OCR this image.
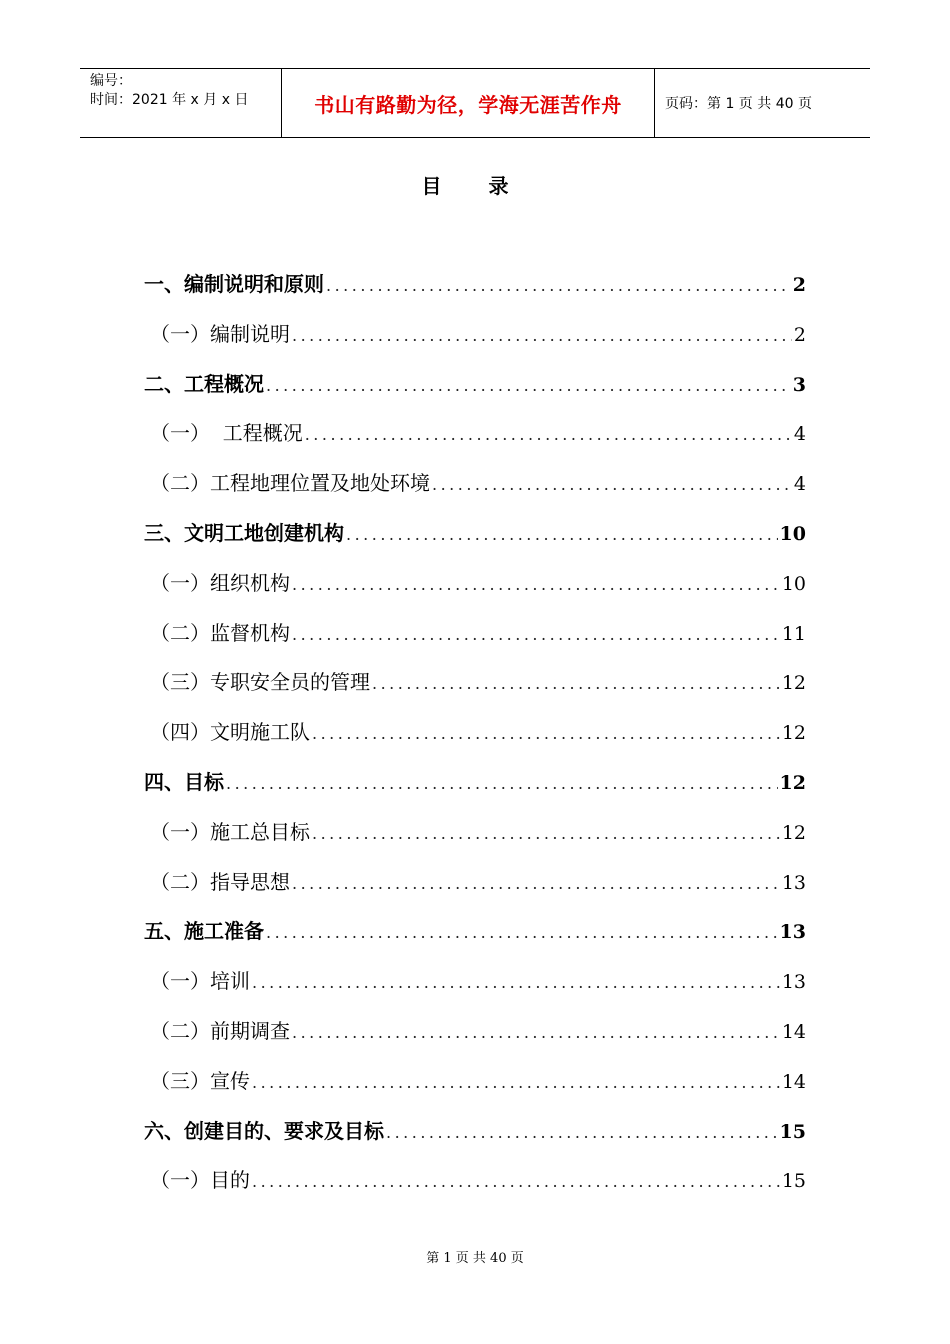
编号：
时间：2021 年 x 月 x 日	书山有路勤为径，学海无涯苦作舟	页码：第 1 页 共 40 页
目 录
一、编制说明和原则 .....	2
（一）编制说明 .....	2
二、工程概况 .....	3
（一）  工程概况 .....	4
（二）工程地理位置及地处环境 .....	4
三、文明工地创建机构 .....	10
（一）组织机构 .....	10
（二）监督机构 .....	11
（三）专职安全员的管理 .....	12
（四）文明施工队 .....	12
四、目标 .....	12
（一）施工总目标 .....	12
（二）指导思想 .....	13
五、施工准备 .....	13
（一）培训 .....	13
（二）前期调查 .....	14
（三）宣传 .....	14
六、创建目的、要求及目标 .....	15
（一）目的 .....	15
第 1 页 共 40 页
